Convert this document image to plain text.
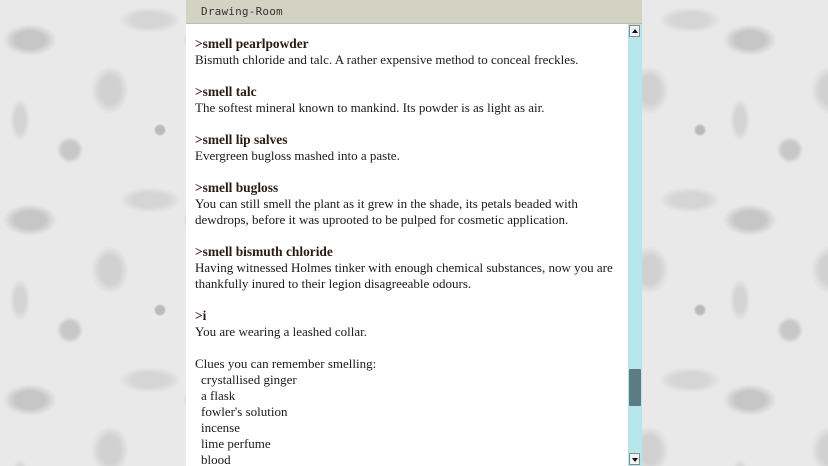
Drawing-Room
>smell pearlpowder

Bismuth chloride and talc. A rather expensive method to conceal freckles.

>smell talc

The softest mineral known to mankind. Its powder is as light as air.

>smell lip salves

Evergreen bugloss mashed into a paste.

>smell bugloss

You can still smell the plant as it grew in the shade, its petals beaded with dewdrops, before it was uprooted to be pulped for cosmetic application.

>smell bismuth chloride

Having witnessed Holmes tinker with enough chemical substances, now you are thankfully inured to their legion disagreeable odours.

>i

You are wearing a leashed collar.

Clues you can remember smelling:

crystallised ginger

a flask

fowler's solution

incense

lime perfume

blood
